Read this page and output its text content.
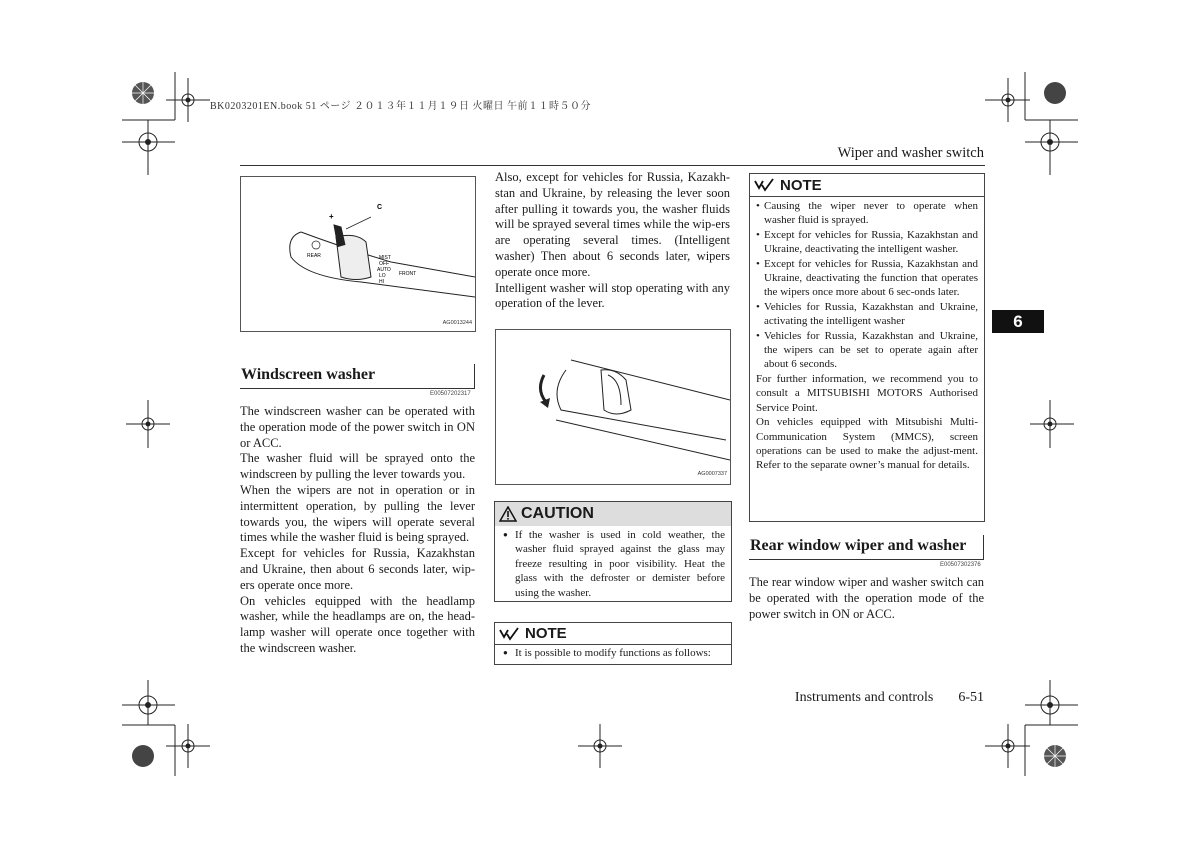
BK0203201EN.book 51 ページ ２０１３年１１月１９日 火曜日 午前１１時５０分
Wiper and washer switch
6
+
C
MIST
OFF
AUTO
LO
HI
FRONT
REAR
AG0013244
Windscreen washer
E00507202317

The windscreen washer can be operated with the operation mode of the power switch in ON or ACC.

The washer fluid will be sprayed onto the windscreen by pulling the lever towards you.

When the wipers are not in operation or in intermittent operation, by pulling the lever towards you, the wipers will operate several times while the washer fluid is being sprayed.

Except for vehicles for Russia, Kazakhstan and Ukraine, then about 6 seconds later, wip-ers operate once more.

On vehicles equipped with the headlamp washer, while the headlamps are on, the head-lamp washer will operate once together with the windscreen washer.

Also, except for vehicles for Russia, Kazakh-stan and Ukraine, by releasing the lever soon after pulling it towards you, the washer fluids will be sprayed several times while the wip-ers are operating several times. (Intelligent washer) Then about 6 seconds later, wipers operate once more.

Intelligent washer will stop operating with any operation of the lever.

AG0007337
CAUTION
● If the washer is used in cold weather, the washer fluid sprayed against the glass may freeze resulting in poor visibility. Heat the glass with the defroster or demister before using the washer.
NOTE
● It is possible to modify functions as follows:
NOTE
• Causing the wiper never to operate when washer fluid is sprayed.
• Except for vehicles for Russia, Kazakhstan and Ukraine, deactivating the intelligent washer.
• Except for vehicles for Russia, Kazakhstan and Ukraine, deactivating the function that operates the wipers once more about 6 sec-onds later.
• Vehicles for Russia, Kazakhstan and Ukraine, activating the intelligent washer
• Vehicles for Russia, Kazakhstan and Ukraine, the wipers can be set to operate again after about 6 seconds.

For further information, we recommend you to consult a MITSUBISHI MOTORS Authorised Service Point.

On vehicles equipped with Mitsubishi Multi-Communication System (MMCS), screen operations can be used to make the adjust-ment. Refer to the separate owner’s manual for details.

Rear window wiper and washer
E00507302376

The rear window wiper and washer switch can be operated with the operation mode of the power switch in ON or ACC.

Instruments and controls 6-51
